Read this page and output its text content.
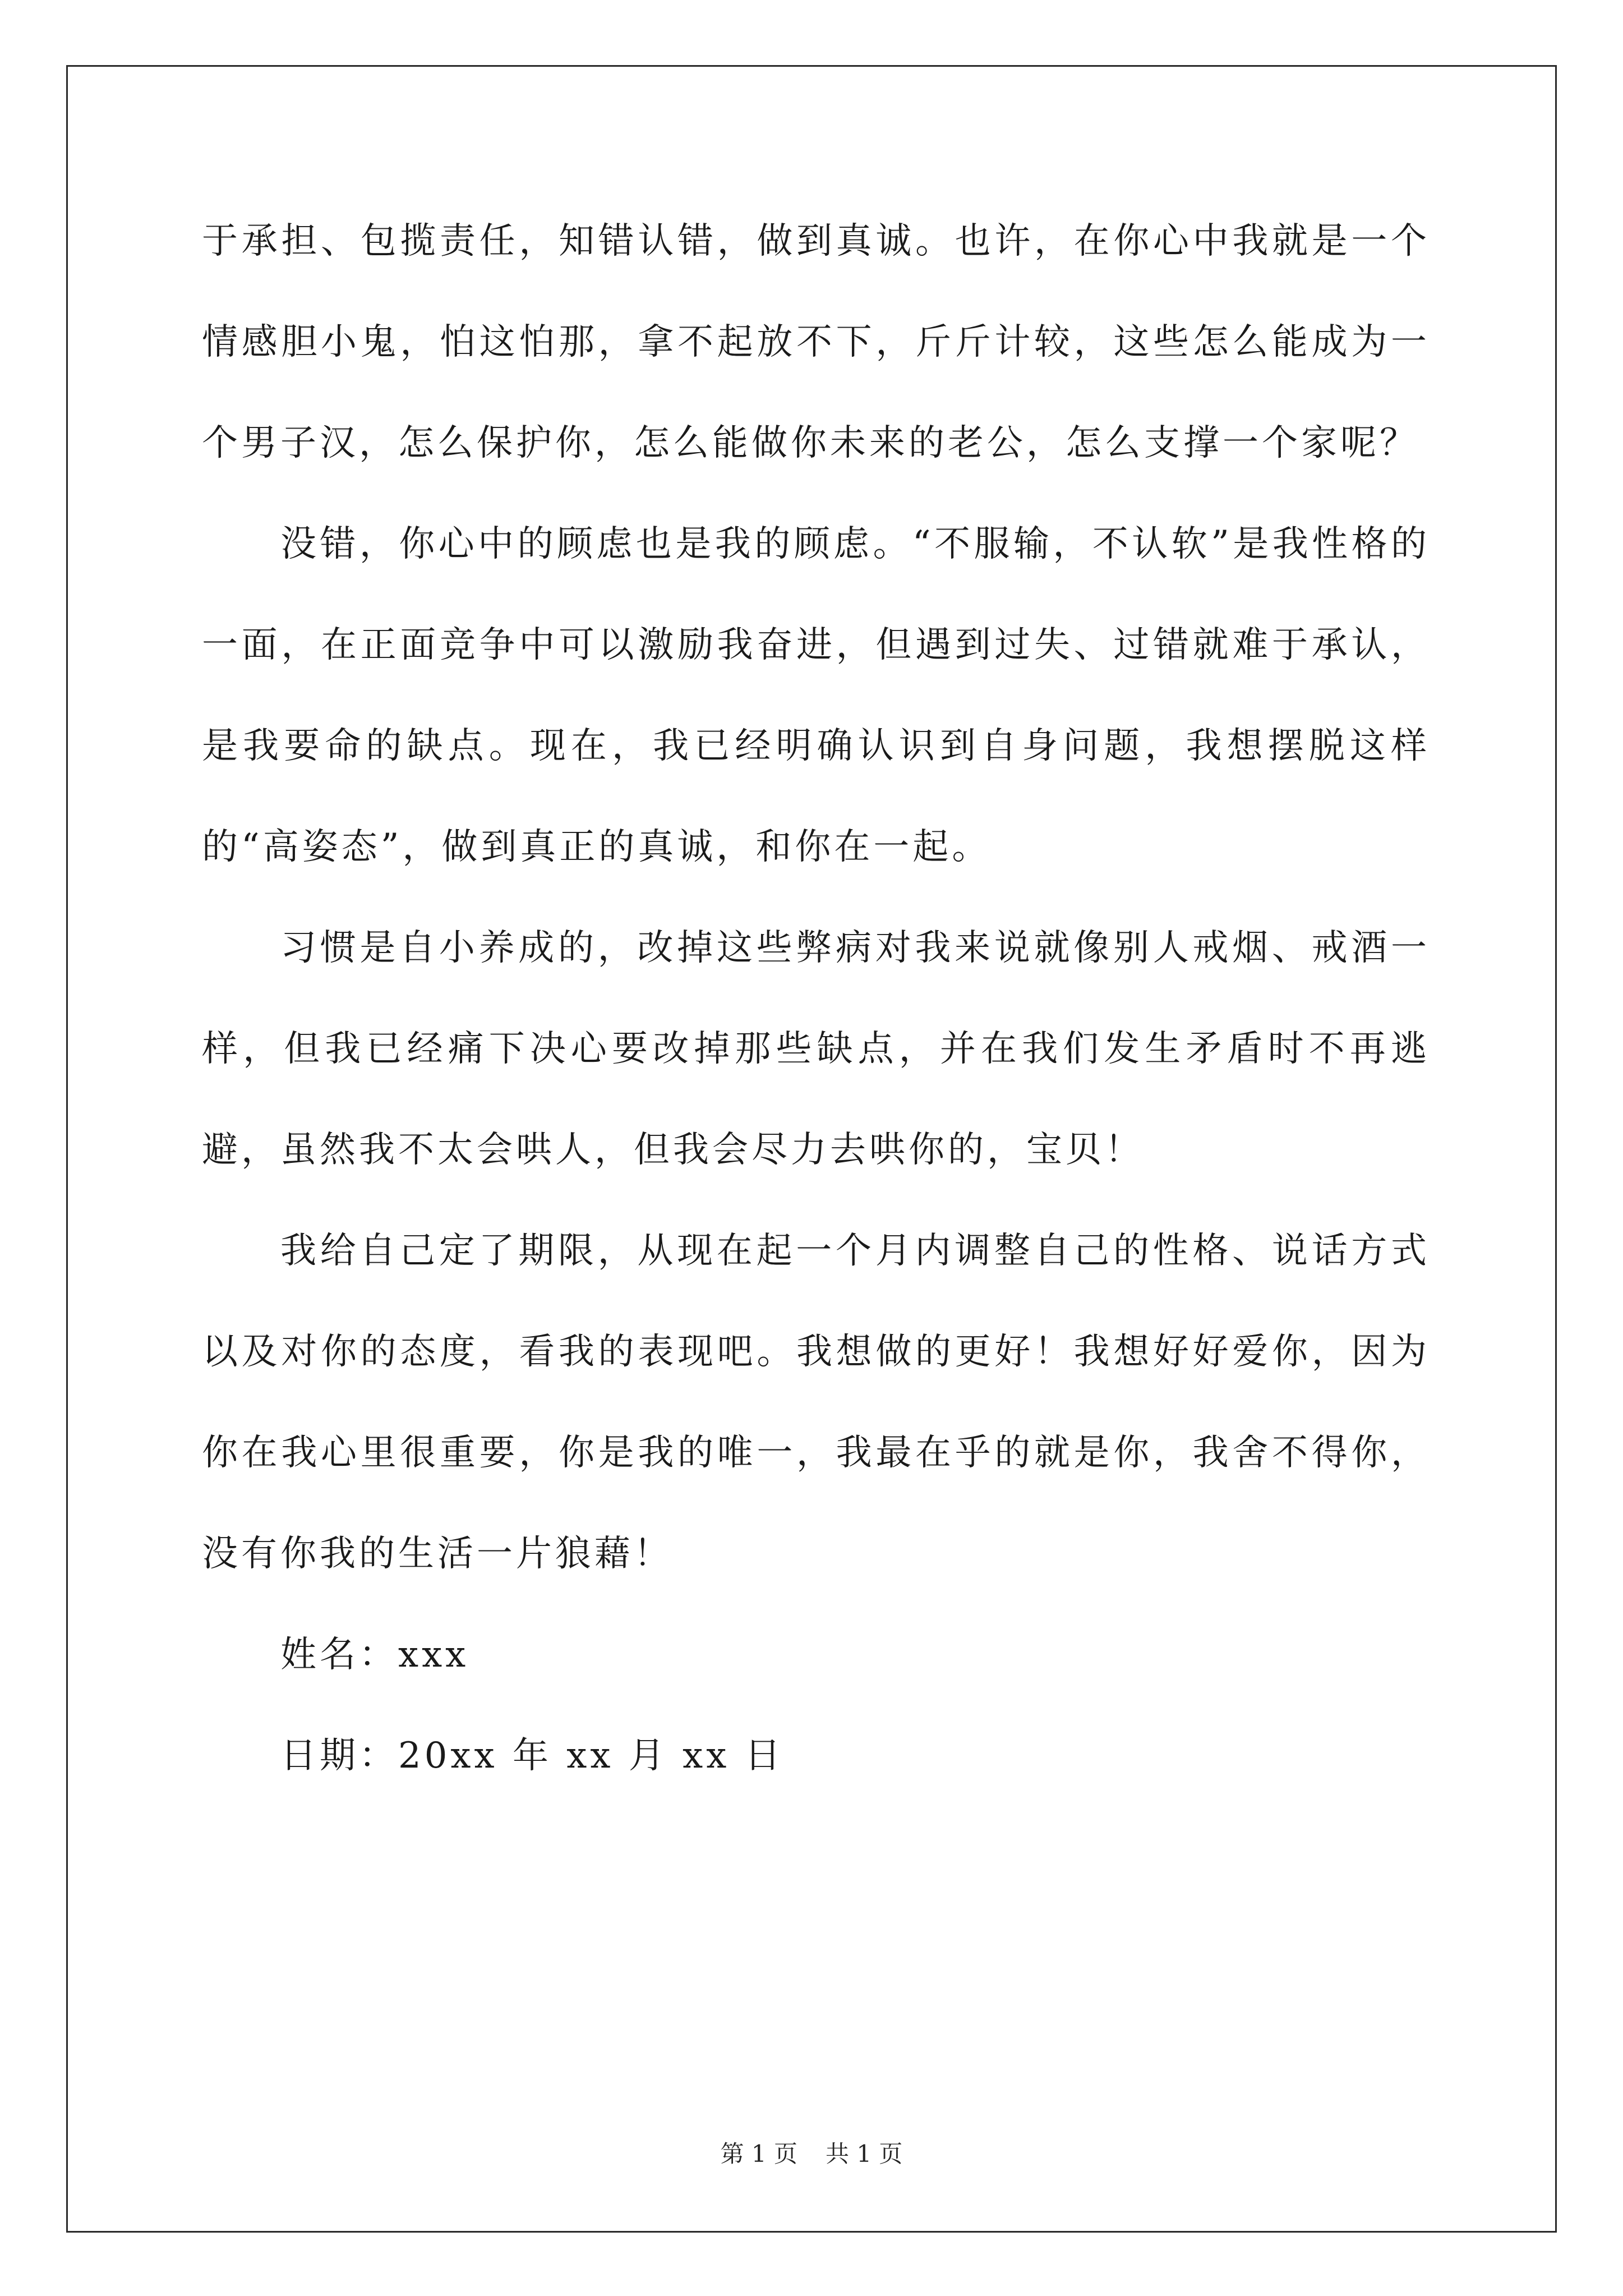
于承担、包揽责任，知错认错，做到真诚。也许，在你心中我就是一个情感胆小鬼，怕这怕那，拿不起放不下，斤斤计较，这些怎么能成为一个男子汉，怎么保护你，怎么能做你未来的老公，怎么支撑一个家呢？

没错，你心中的顾虑也是我的顾虑。“不服输，不认软”是我性格的一面，在正面竞争中可以激励我奋进，但遇到过失、过错就难于承认，是我要命的缺点。现在，我已经明确认识到自身问题，我想摆脱这样的“高姿态”，做到真正的真诚，和你在一起。

习惯是自小养成的，改掉这些弊病对我来说就像别人戒烟、戒酒一样，但我已经痛下决心要改掉那些缺点，并在我们发生矛盾时不再逃避，虽然我不太会哄人，但我会尽力去哄你的，宝贝！

我给自己定了期限，从现在起一个月内调整自己的性格、说话方式以及对你的态度，看我的表现吧。我想做的更好！我想好好爱你，因为你在我心里很重要，你是我的唯一，我最在乎的就是你，我舍不得你，没有你我的生活一片狼藉！

姓名：xxx

日期：20xx 年 xx 月 xx 日

第 1 页 共 1 页
